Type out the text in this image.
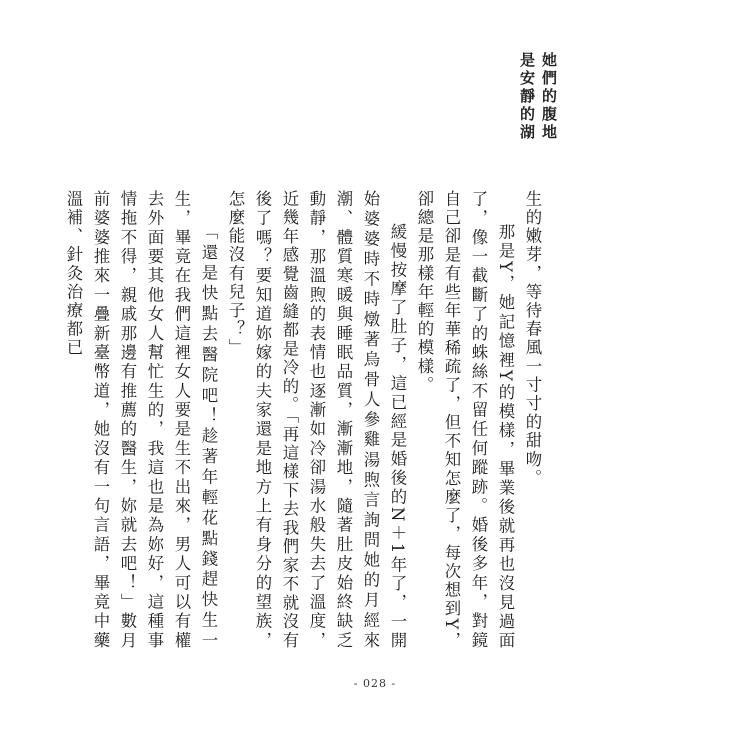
她們的腹地
是安靜的湖

生的嫩芽，等待春風一寸寸的甜吻。

那是Y，她記憶裡Y的模樣，畢業後就再也沒見過面了，像一截斷了的蛛絲不留任何蹤跡。婚後多年，對鏡自己卻是有些年華稀疏了，但不知怎麼了，每次想到Y，卻總是那樣年輕的模樣。

緩慢按摩了肚子，這已經是婚後的N＋1年了，一開始婆婆時不時燉著烏骨人參雞湯煦言詢問她的月經來潮、體質寒暖與睡眠品質，漸漸地，隨著肚皮始終缺乏動靜，那溫煦的表情也逐漸如冷卻湯水般失去了溫度，近幾年感覺齒縫都是冷的。「再這樣下去我們家不就沒有後了嗎？要知道妳嫁的夫家還是地方上有身分的望族，怎麼能沒有兒子？」

「還是快點去醫院吧！趁著年輕花點錢趕快生一生，畢竟在我們這裡女人要是生不出來，男人可以有權去外面要其他女人幫忙生的，我這也是為妳好，這種事情拖不得，親戚那邊有推薦的醫生，妳就去吧！」數月前婆婆推來一疊新臺幣道，她沒有一句言語，畢竟中藥溫補、針灸治療都已

- 028 -
